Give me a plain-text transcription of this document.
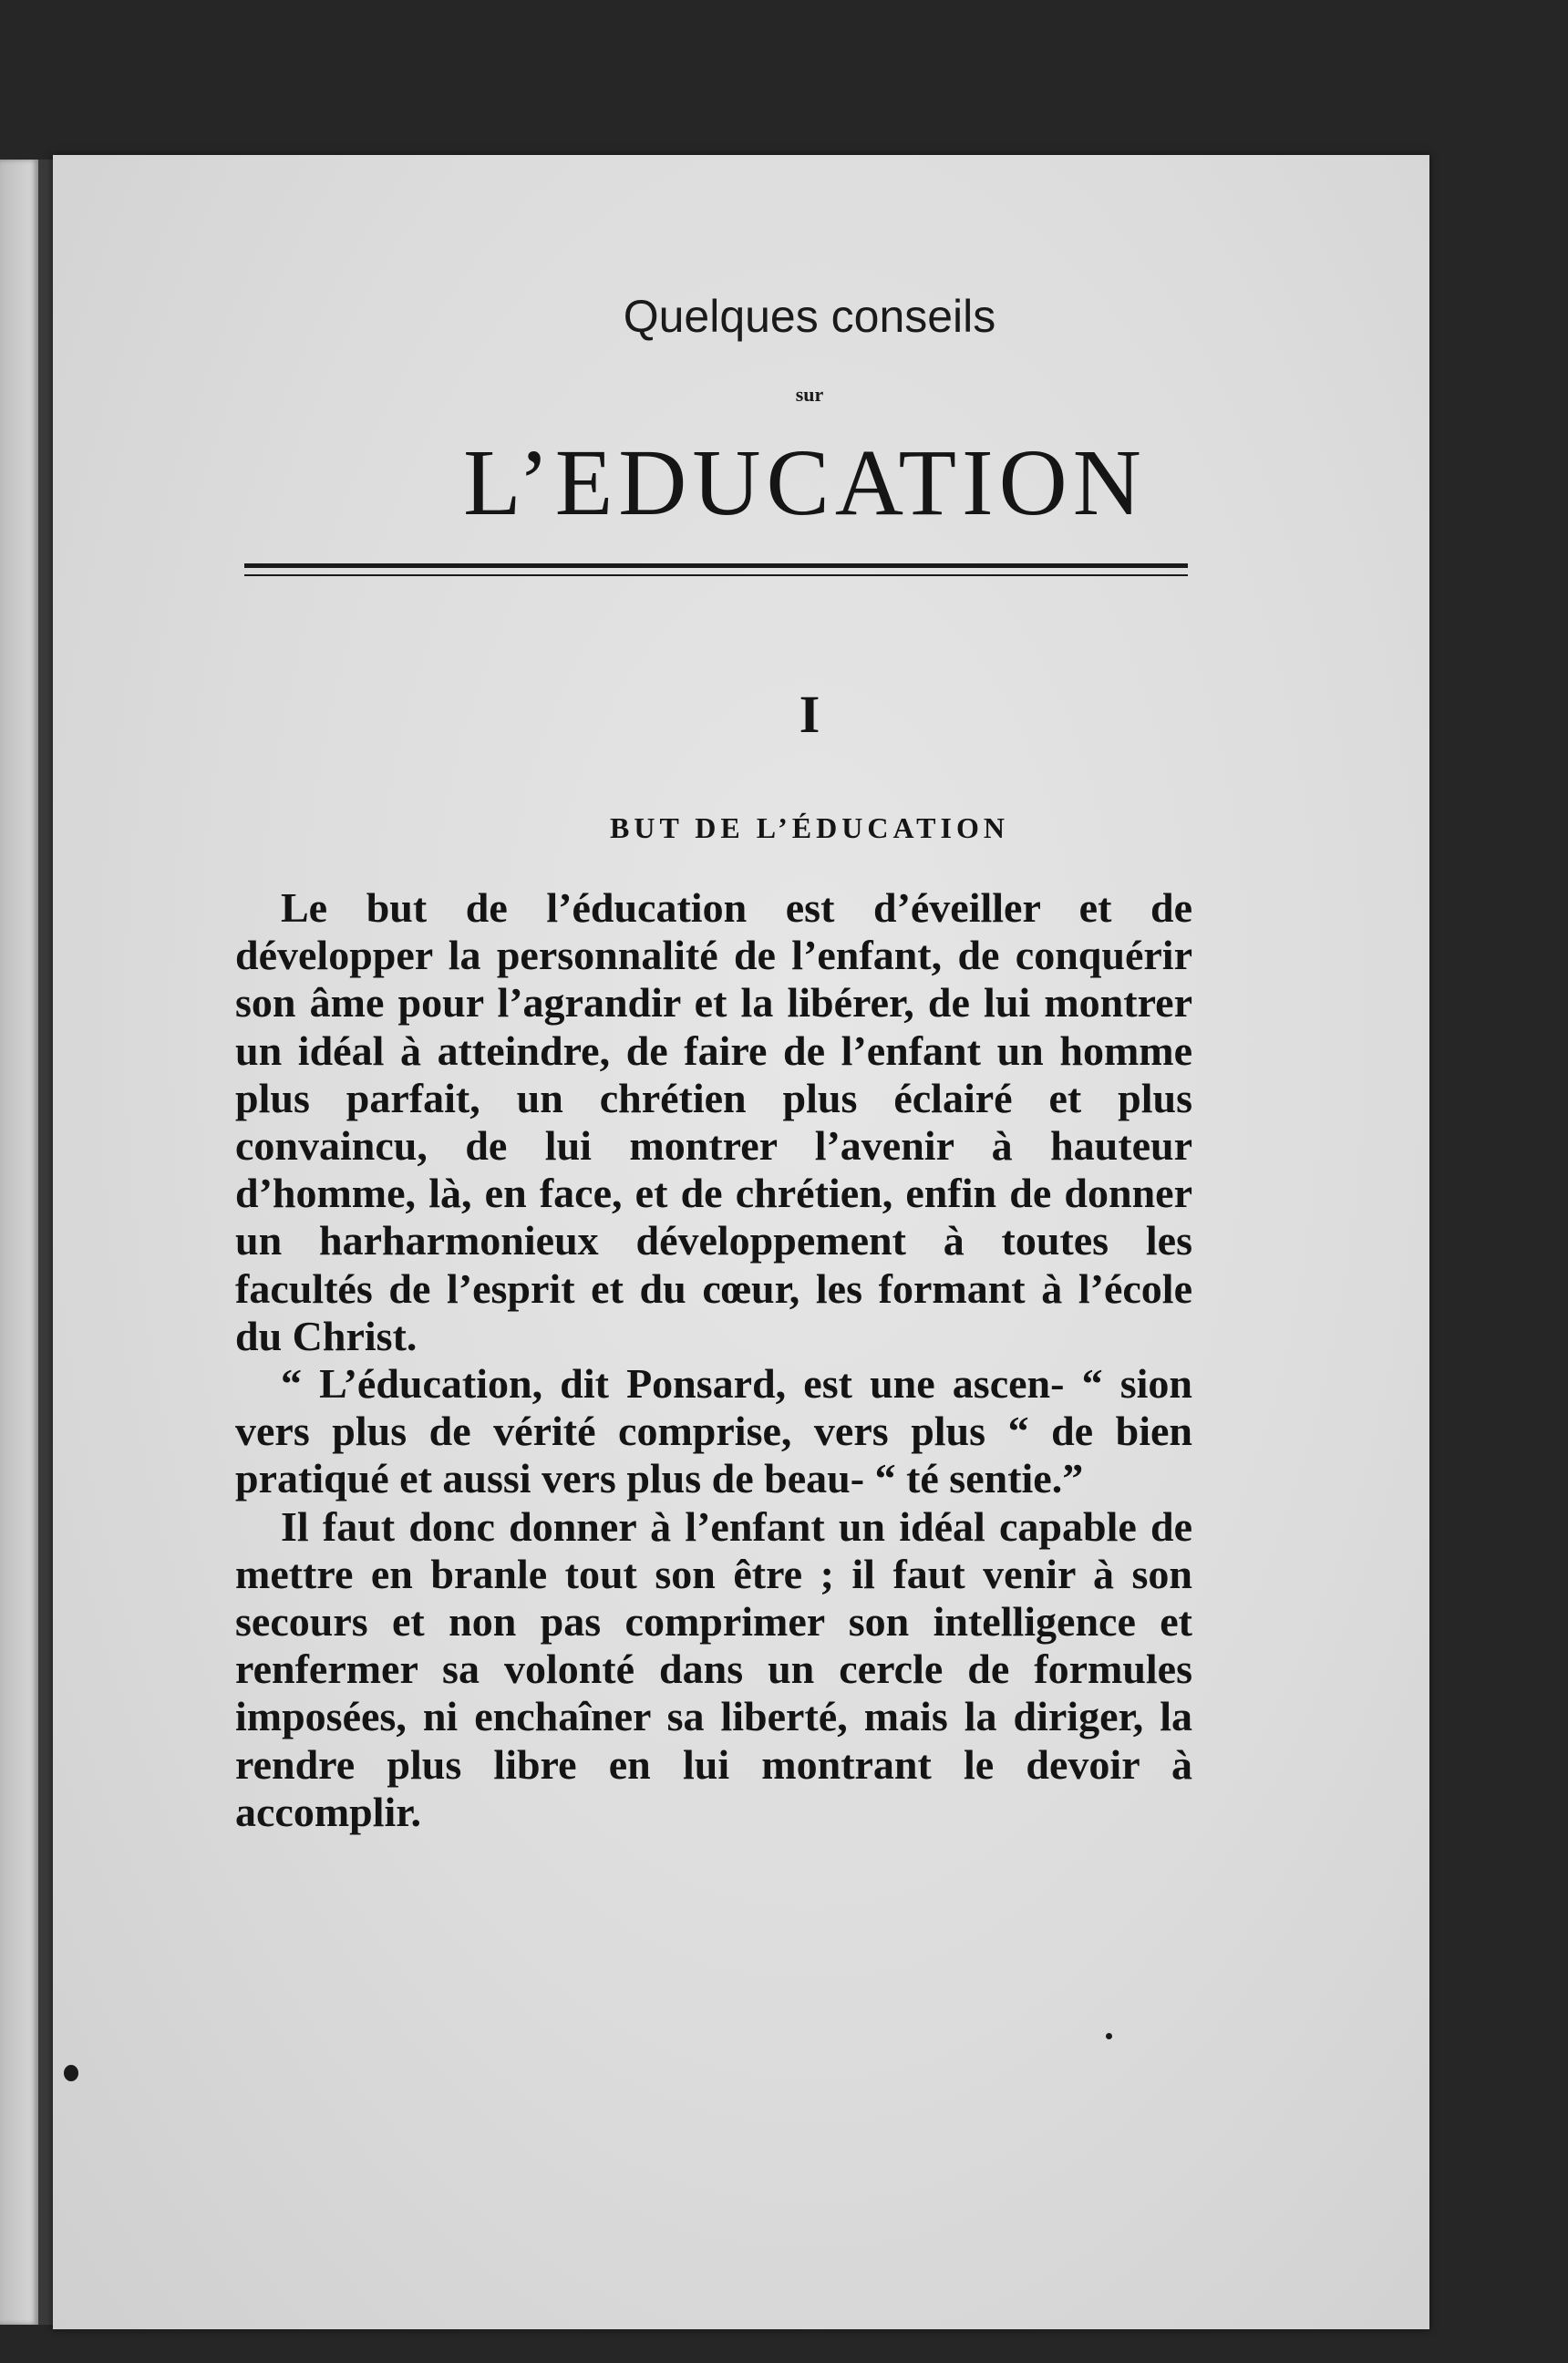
Quelques conseils
sur
L’EDUCATION
I
BUT DE L’ÉDUCATION

Le but de l’éducation est d’éveiller et de développer la personnalité de l’enfant, de conquérir son âme pour l’agrandir et la libérer, de lui montrer un idéal à atteindre, de faire de l’enfant un homme plus parfait, un chrétien plus éclairé et plus convaincu, de lui montrer l’avenir à hauteur d’homme, là, en face, et de chrétien, enfin de donner un harharmonieux développement à toutes les facultés de l’esprit et du cœur, les formant à l’école du Christ.

“ L’éducation, dit Ponsard, est une ascen- “ sion vers plus de vérité comprise, vers plus “ de bien pratiqué et aussi vers plus de beau- “ té sentie.”

Il faut donc donner à l’enfant un idéal capable de mettre en branle tout son être ; il faut venir à son secours et non pas comprimer son intelligence et renfermer sa volonté dans un cercle de formules imposées, ni enchaîner sa liberté, mais la diriger, la rendre plus libre en lui montrant le devoir à accomplir.
